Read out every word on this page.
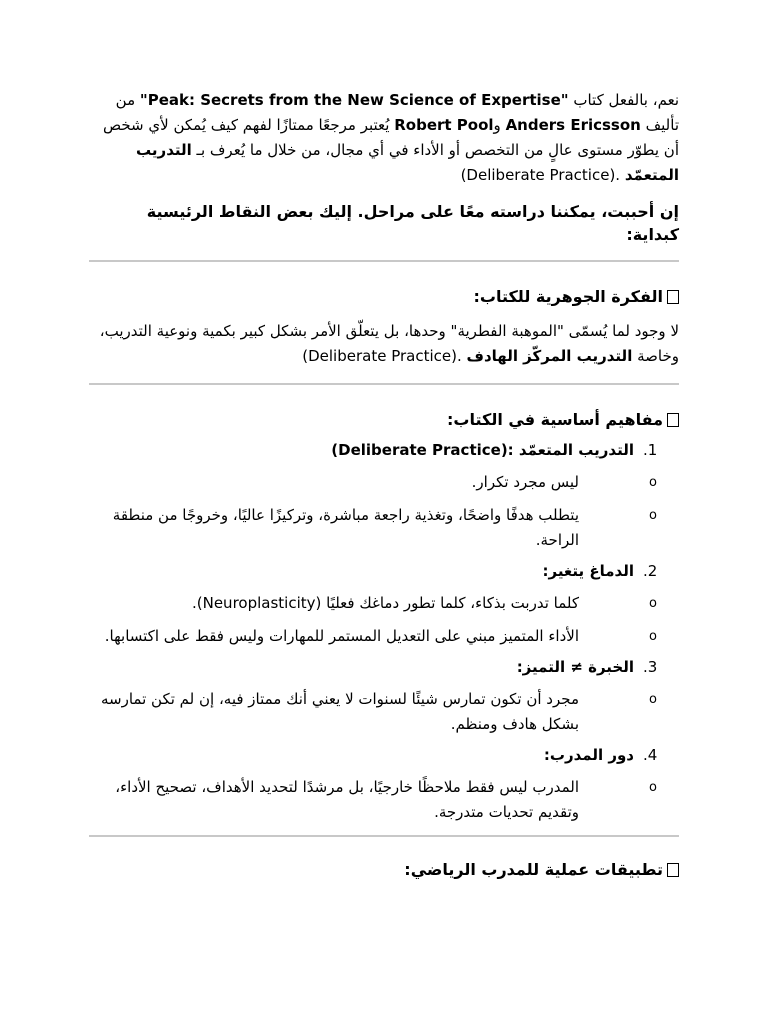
نعم، بالفعل كتاب "Peak: Secrets from the New Science of Expertise" من تأليف Anders Ericsson وRobert Pool يُعتبر مرجعًا ممتازًا لفهم كيف يُمكن لأي شخص أن يطوّر مستوى عالٍ من التخصص أو الأداء في أي مجال، من خلال ما يُعرف بـ التدريب المتعمّد (Deliberate Practice).

إن أحببت، يمكننا دراسته معًا على مراحل. إليك بعض النقاط الرئيسية كبداية:

الفكرة الجوهرية للكتاب:

لا وجود لما يُسمّى "الموهبة الفطرية" وحدها، بل يتعلّق الأمر بشكل كبير بكمية ونوعية التدريب، وخاصة التدريب المركّز الهادف (Deliberate Practice).

مفاهيم أساسية في الكتاب:
.1
التدريب المتعمّد (Deliberate Practice):
o
ليس مجرد تكرار.
o
يتطلب هدفًا واضحًا، وتغذية راجعة مباشرة، وتركيزًا عاليًا، وخروجًا من منطقة الراحة.
.2
الدماغ يتغير:
o
كلما تدربت بذكاء، كلما تطور دماغك فعليًا (Neuroplasticity).
o
الأداء المتميز مبني على التعديل المستمر للمهارات وليس فقط على اكتسابها.
.3
الخبرة ≠ التميز:
o
مجرد أن تكون تمارس شيئًا لسنوات لا يعني أنك ممتاز فيه، إن لم تكن تمارسه بشكل هادف ومنظم.
.4
دور المدرب:
o
المدرب ليس فقط ملاحظًا خارجيًا، بل مرشدًا لتحديد الأهداف، تصحيح الأداء، وتقديم تحديات متدرجة.
تطبيقات عملية للمدرب الرياضي:
